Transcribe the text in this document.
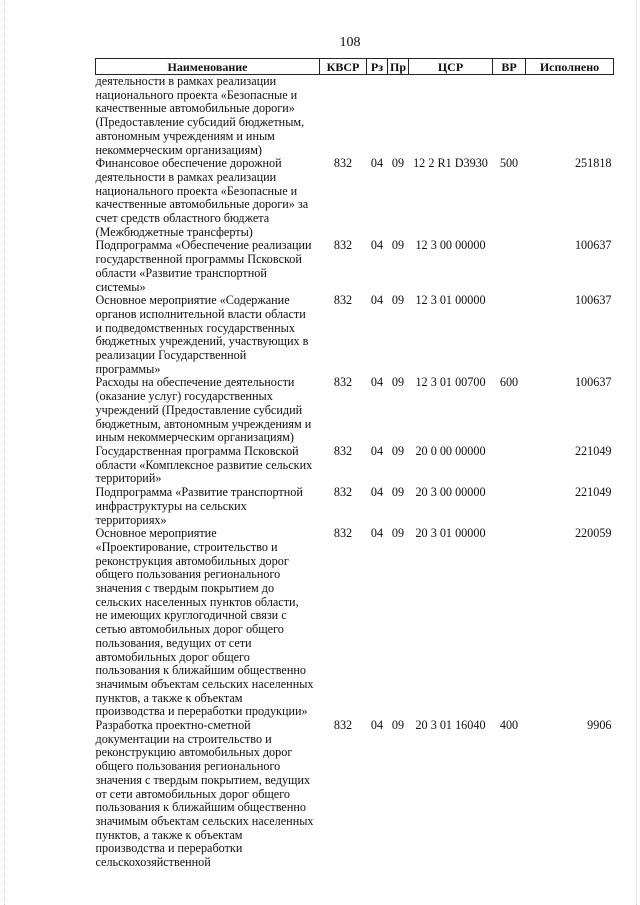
108
Наименование	КВСР	Рз	Пр	ЦСР	ВР	Исполнено
деятельности в рамках реализации национального проекта «Безопасные и качественные автомобильные дороги» (Предоставление субсидий бюджетным, автономным учреждениям и иным некоммерческим организациям)						
Финансовое обеспечение дорожной деятельности в рамках реализации национального проекта «Безопасные и качественные автомобильные дороги» за счет средств областного бюджета (Межбюджетные трансферты)	832	04	09	12 2 R1 D3930	500	251818
Подпрограмма «Обеспечение реализации государственной программы Псковской области «Развитие транспортной системы»	832	04	09	12 3 00 00000		100637
Основное мероприятие «Содержание органов исполнительной власти области и подведомственных государственных бюджетных учреждений, участвующих в реализации Государственной программы»	832	04	09	12 3 01 00000		100637
Расходы на обеспечение деятельности (оказание услуг) государственных учреждений (Предоставление субсидий бюджетным, автономным учреждениям и иным некоммерческим организациям)	832	04	09	12 3 01 00700	600	100637
Государственная программа Псковской области «Комплексное развитие сельских территорий»	832	04	09	20 0 00 00000		221049
Подпрограмма «Развитие транспортной инфраструктуры на сельских территориях»	832	04	09	20 3 00 00000		221049
Основное мероприятие «Проектирование, строительство и реконструкция автомобильных дорог общего пользования регионального значения с твердым покрытием до сельских населенных пунктов области, не имеющих круглогодичной связи с сетью автомобильных дорог общего пользования, ведущих от сети автомобильных дорог общего пользования к ближайшим общественно значимым объектам сельских населенных пунктов, а также к объектам производства и переработки продукции»	832	04	09	20 3 01 00000		220059
Разработка проектно-сметной документации на строительство и реконструкцию автомобильных дорог общего пользования регионального значения с твердым покрытием, ведущих от сети автомобильных дорог общего пользования к ближайшим общественно значимым объектам сельских населенных пунктов, а также к объектам производства и переработки сельскохозяйственной	832	04	09	20 3 01 16040	400	9906
